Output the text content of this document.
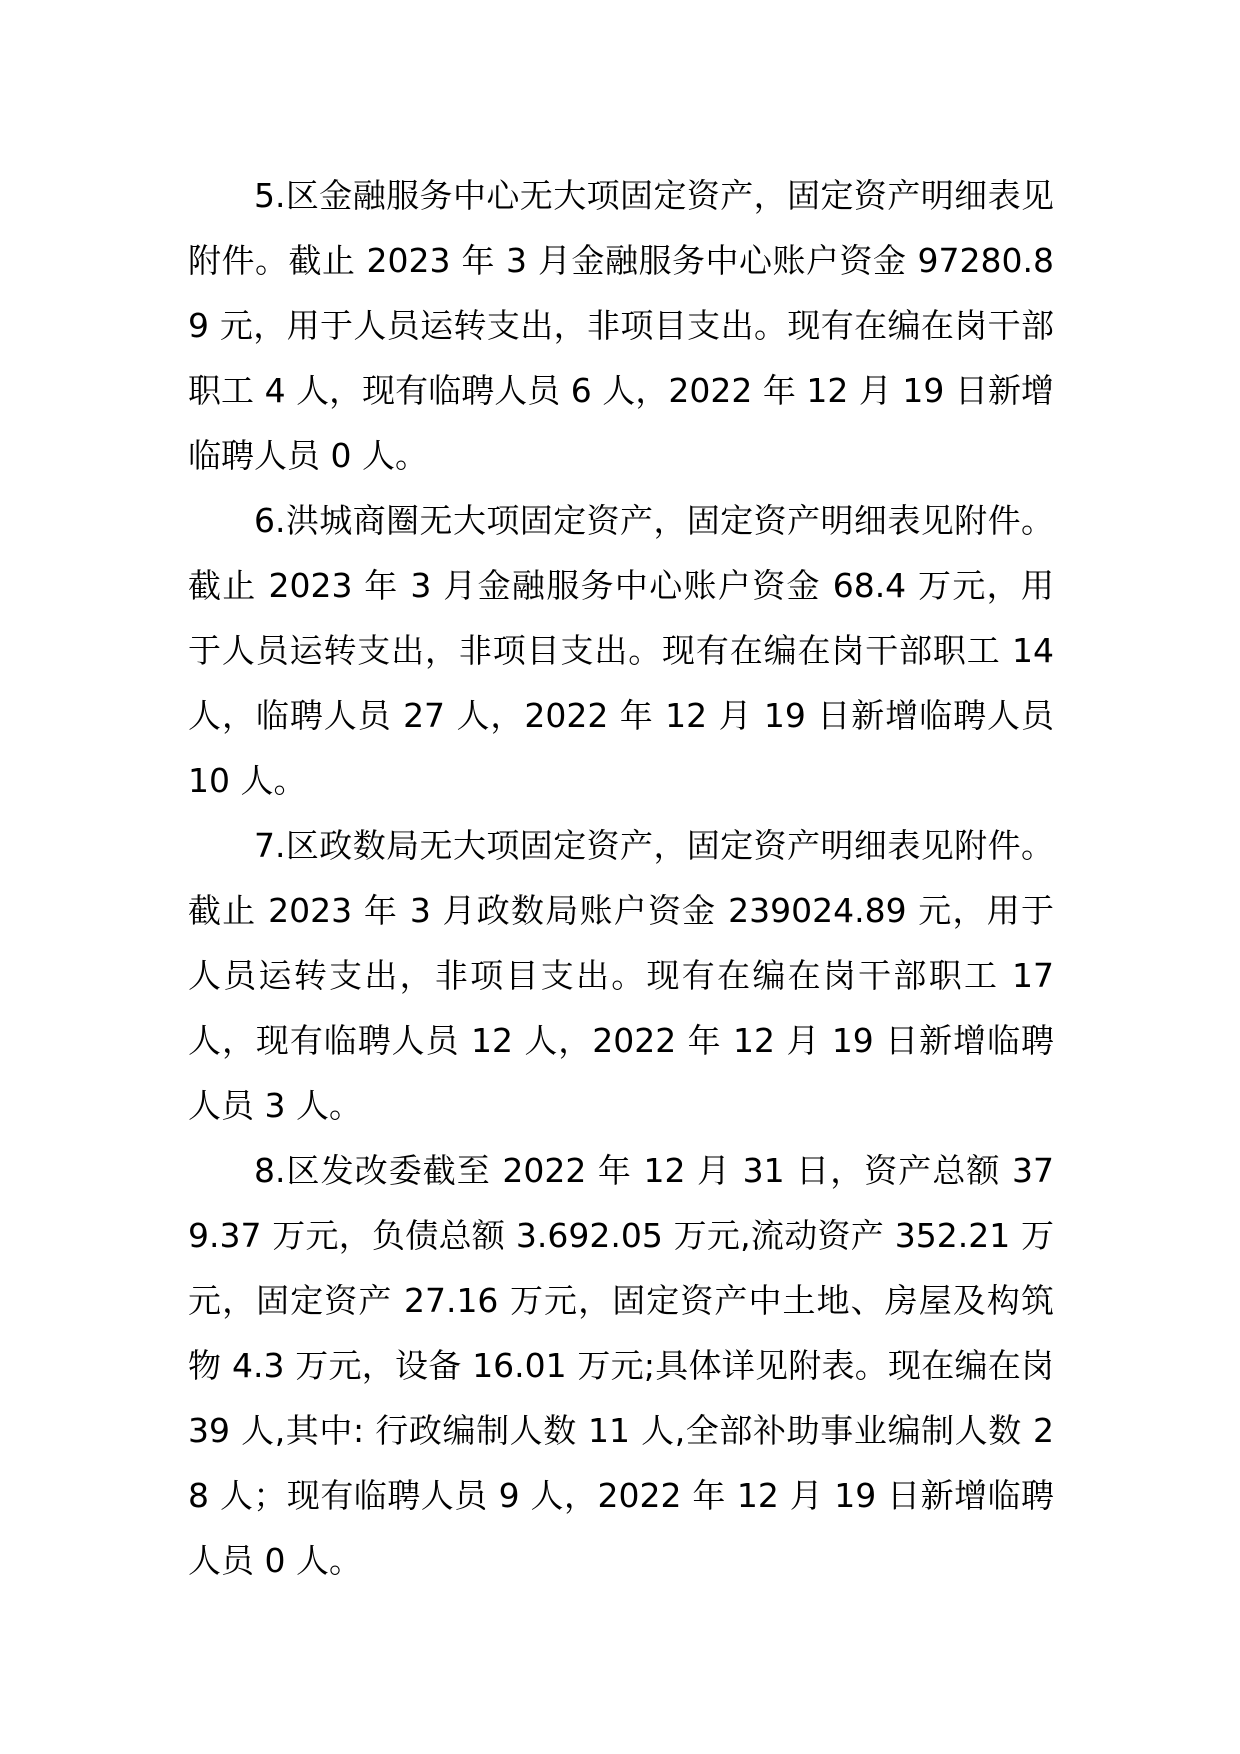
5.区金融服务中心无大项固定资产，固定资产明细表见附件。截止 2023 年 3 月金融服务中心账户资金 97280.89 元，用于人员运转支出，非项目支出。现有在编在岗干部职工 4 人，现有临聘人员 6 人，2022 年 12 月 19 日新增临聘人员 0 人。

6.洪城商圈无大项固定资产，固定资产明细表见附件。截止 2023 年 3 月金融服务中心账户资金 68.4 万元，用于人员运转支出，非项目支出。现有在编在岗干部职工 14 人，临聘人员 27 人，2022 年 12 月 19 日新增临聘人员 10 人。

7.区政数局无大项固定资产，固定资产明细表见附件。截止 2023 年 3 月政数局账户资金 239024.89 元，用于人员运转支出，非项目支出。现有在编在岗干部职工 17 人，现有临聘人员 12 人，2022 年 12 月 19 日新增临聘人员 3 人。

8.区发改委截至 2022 年 12 月 31 日，资产总额 379.37 万元，负债总额 3.692.05 万元,流动资产 352.21 万元，固定资产 27.16 万元，固定资产中土地、房屋及构筑物 4.3 万元，设备 16.01 万元;具体详见附表。现在编在岗 39 人,其中: 行政编制人数 11 人,全部补助事业编制人数 28 人；现有临聘人员 9 人，2022 年 12 月 19 日新增临聘人员 0 人。
